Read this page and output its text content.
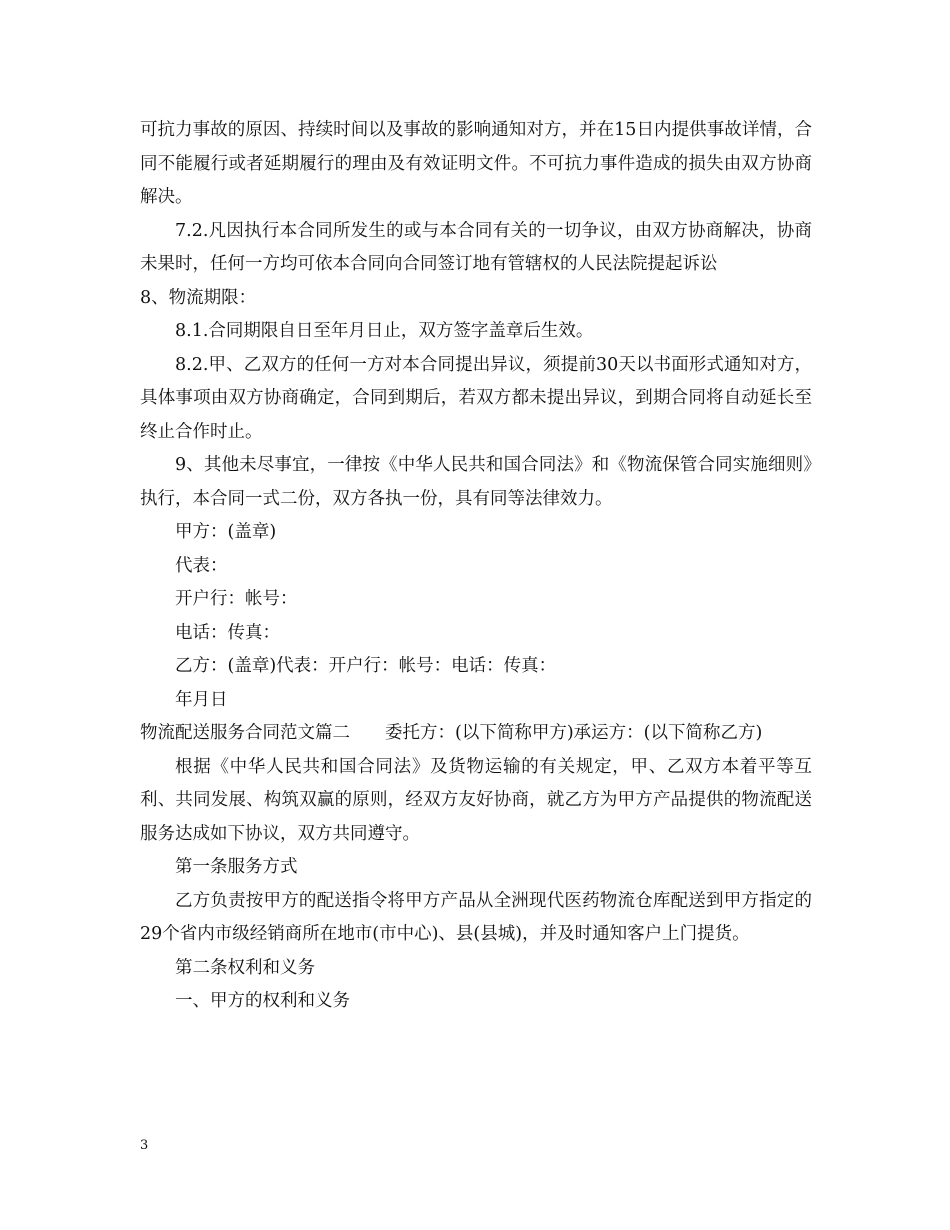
可抗力事故的原因、持续时间以及事故的影响通知对方，并在15日内提供事故详情，合同不能履行或者延期履行的理由及有效证明文件。不可抗力事件造成的损失由双方协商解决。

7.2.凡因执行本合同所发生的或与本合同有关的一切争议，由双方协商解决，协商未果时，任何一方均可依本合同向合同签订地有管辖权的人民法院提起诉讼

8、物流期限：

8.1.合同期限自日至年月日止，双方签字盖章后生效。

8.2.甲、乙双方的任何一方对本合同提出异议，须提前30天以书面形式通知对方，具体事项由双方协商确定，合同到期后，若双方都未提出异议，到期合同将自动延长至终止合作时止。

9、其他未尽事宜，一律按《中华人民共和国合同法》和《物流保管合同实施细则》执行，本合同一式二份，双方各执一份，具有同等法律效力。

甲方：(盖章)

代表：

开户行：帐号：

电话：传真：

乙方：(盖章)代表：开户行：帐号：电话：传真：

年月日

物流配送服务合同范文篇二　　委托方：(以下简称甲方)承运方：(以下简称乙方)

根据《中华人民共和国合同法》及货物运输的有关规定，甲、乙双方本着平等互利、共同发展、构筑双赢的原则，经双方友好协商，就乙方为甲方产品提供的物流配送服务达成如下协议，双方共同遵守。

第一条服务方式

乙方负责按甲方的配送指令将甲方产品从全洲现代医药物流仓库配送到甲方指定的29个省内市级经销商所在地市(市中心)、县(县城)，并及时通知客户上门提货。

第二条权利和义务

一、甲方的权利和义务

3
